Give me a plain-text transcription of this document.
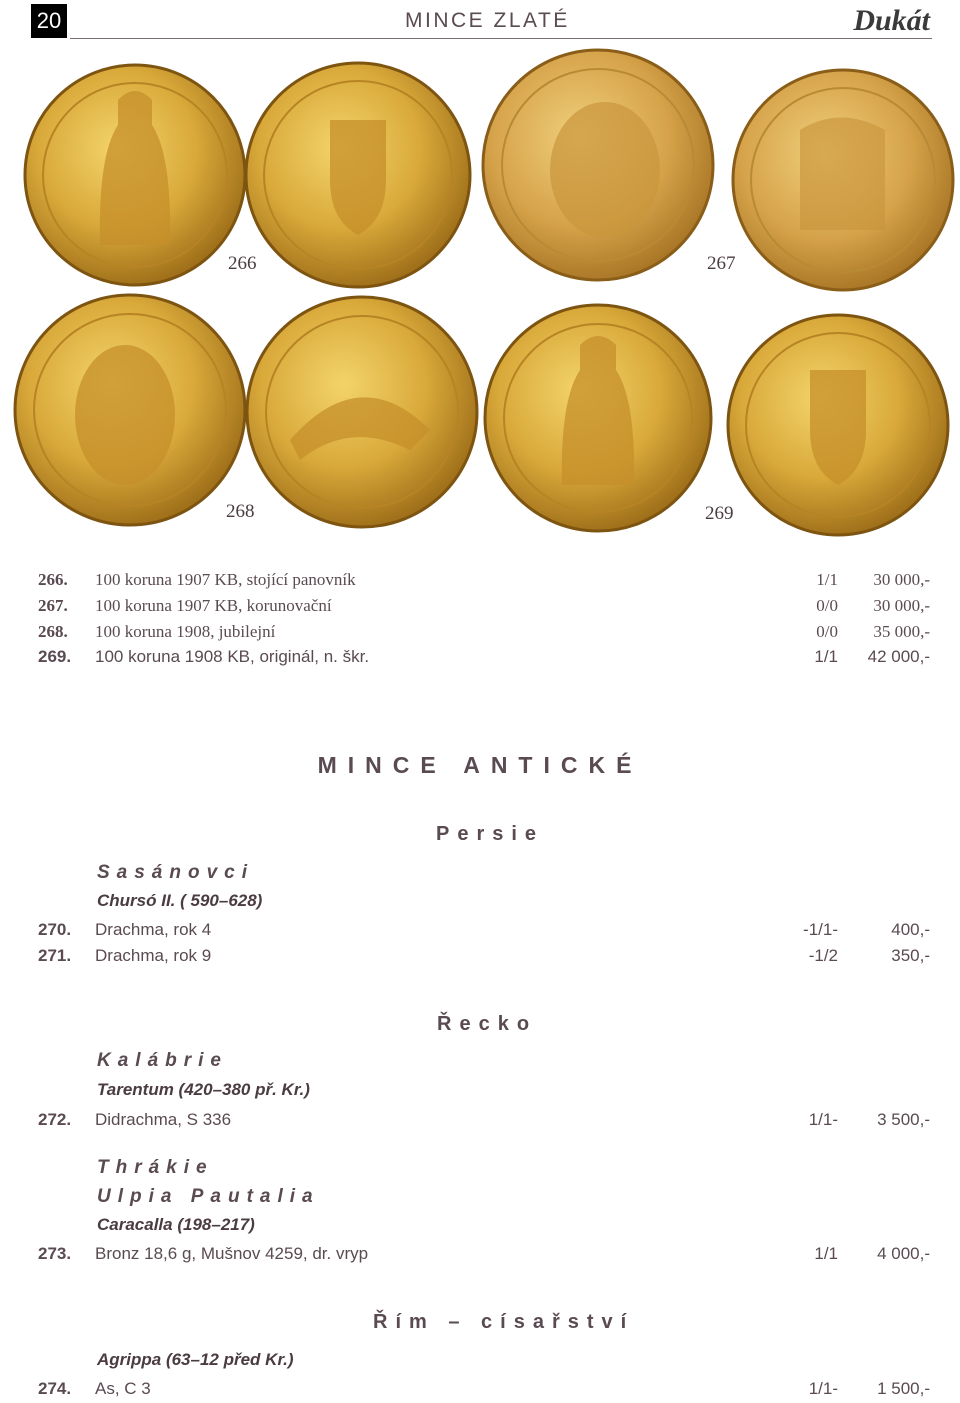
20	MINCE ZLATÉ	Dukát
266	267
268	269
266. 100 koruna 1907 KB, stojící panovník	1/1 30 000,-
267. 100 koruna 1907 KB, korunovační	0/0 30 000,-
268. 100 koruna 1908, jubilejní	0/0 35 000,-
269. 100 koruna 1908 KB, originál, n. škr.	1/1 42 000,-
MINCE ANTICKÉ
Persie
Sasánovci
Chursó II. ( 590–628)
270. Drachma, rok 4	-1/1-	400,-
271. Drachma, rok 9	-1/2	350,-
Řecko
Kalábrie
Tarentum (420–380 př. Kr.)
272. Didrachma, S 336	1/1- 3 500,-
Thrákie
Ulpia Pautalia
Caracalla (198–217)
273. Bronz 18,6 g, Mušnov 4259, dr. vryp	1/1 4 000,-
Řím – císařství
Agrippa (63–12 před Kr.)
274. As, C 3	1/1- 1 500,-
